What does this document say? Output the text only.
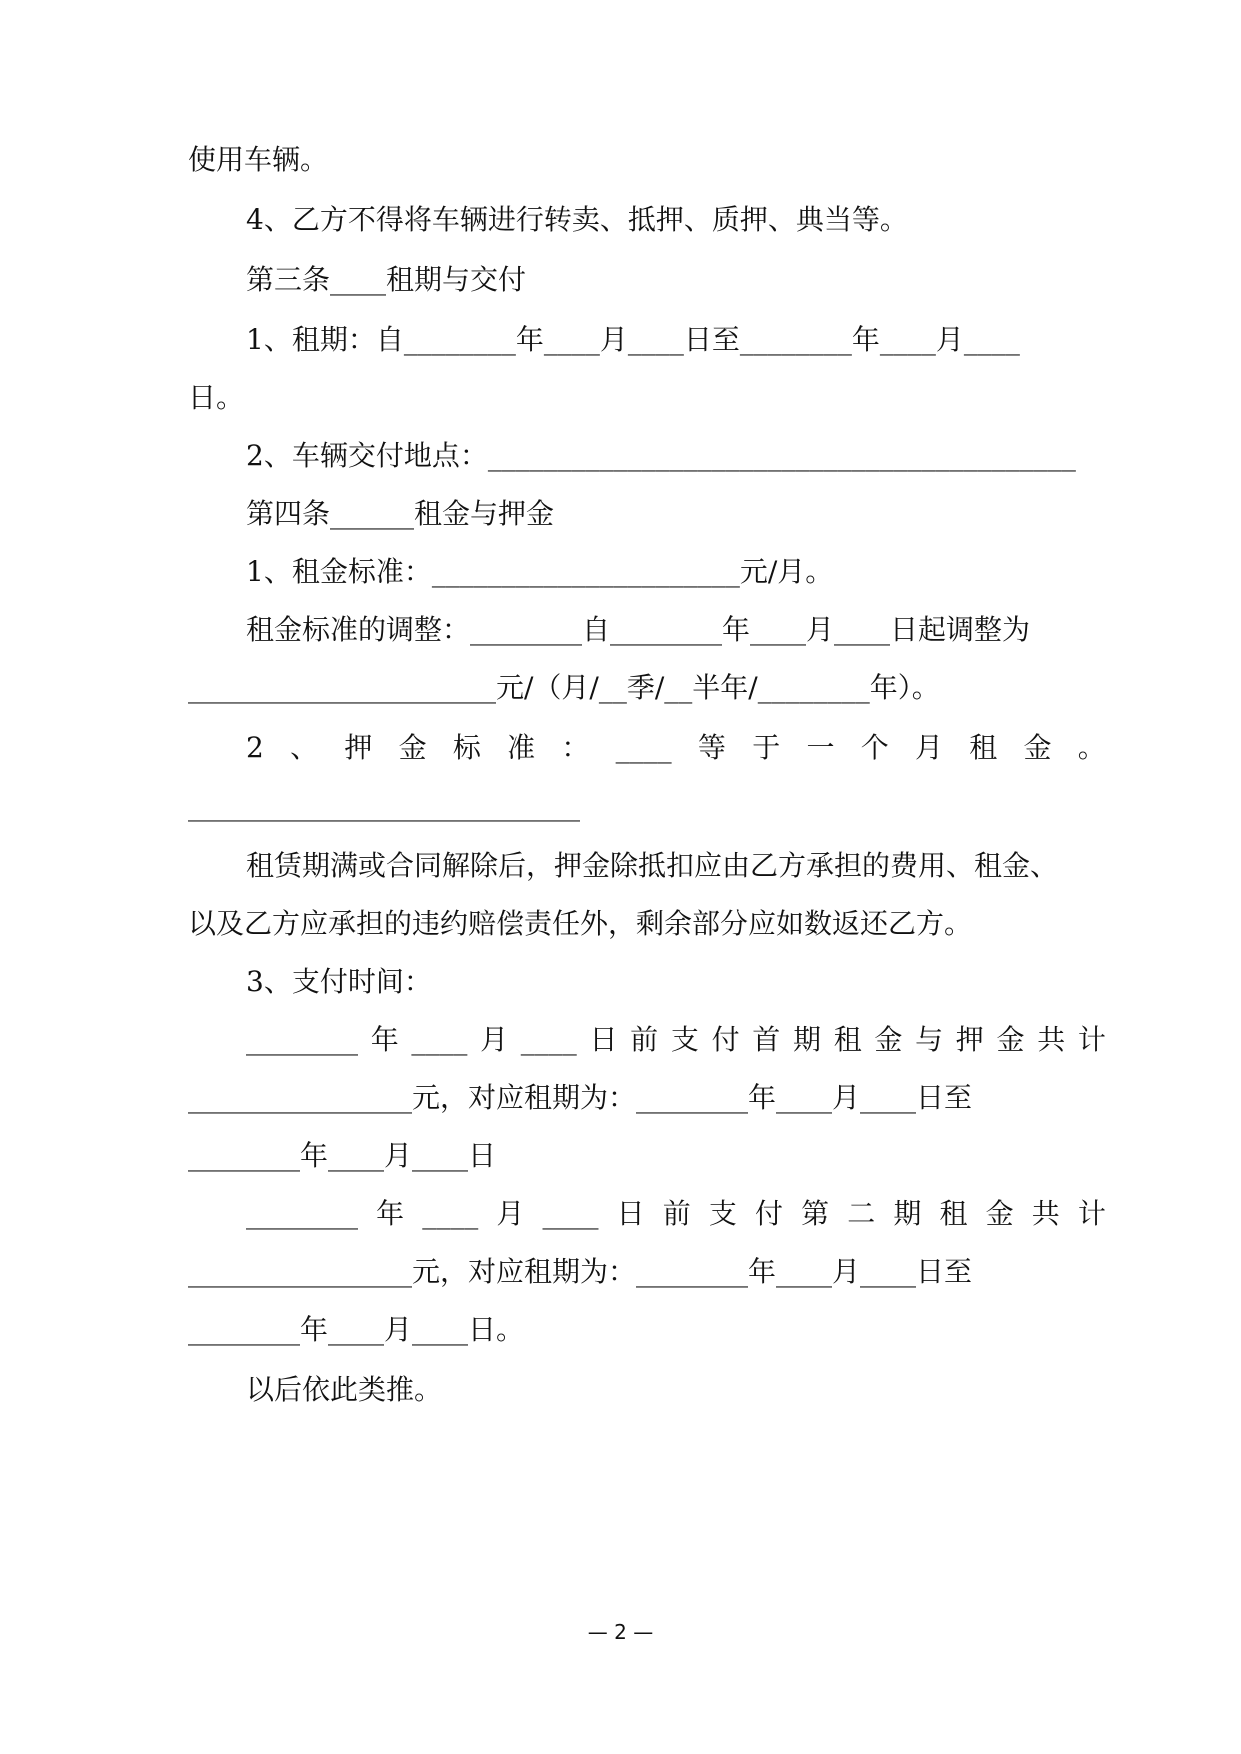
使用车辆。
4、乙方不得将车辆进行转卖、抵押、质押、典当等。
第三条____租期与交付
1、租期：自________年____月____日至________年____月____
日。
2、车辆交付地点：__________________________________________
第四条______租金与押金
1、租金标准：______________________元/月。
租金标准的调整：________自________年____月____日起调整为
______________________元/（月/__季/__半年/________年）。
2 、 押 金 标 准 ： ____ 等 于 一 个 月 租 金 。
____________________________
租赁期满或合同解除后，押金除抵扣应由乙方承担的费用、租金、
以及乙方应承担的违约赔偿责任外，剩余部分应如数返还乙方。
3、支付时间：
________ 年 ____ 月 ____ 日 前 支 付 首 期 租 金 与 押 金 共 计
________________元，对应租期为：________年____月____日至
________年____月____日
________ 年 ____ 月 ____ 日 前 支 付 第 二 期 租 金 共 计
________________元，对应租期为：________年____月____日至
________年____月____日。
以后依此类推。
— 2 —
